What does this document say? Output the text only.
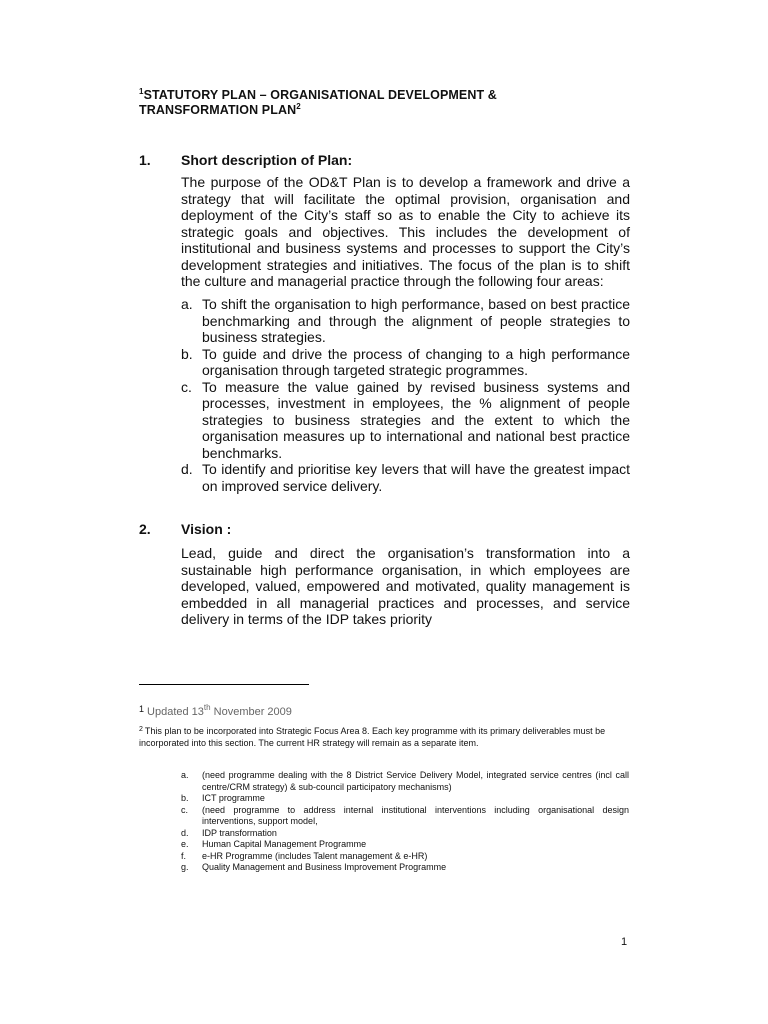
$^1$STATUTORY PLAN – ORGANISATIONAL DEVELOPMENT &
TRANSFORMATION PLAN$^2$
1. Short description of Plan:

The purpose of the OD&T Plan is to develop a framework and drive a strategy that will facilitate the optimal provision, organisation and deployment of the City’s staff so as to enable the City to achieve its strategic goals and objectives. This includes the development of institutional and business systems and processes to support the City’s development strategies and initiatives. The focus of the plan is to shift the culture and managerial practice through the following four areas:

a. To shift the organisation to high performance, based on best practice benchmarking and through the alignment of people strategies to business strategies.
b. To guide and drive the process of changing to a high performance organisation through targeted strategic programmes.
c. To measure the value gained by revised business systems and processes, investment in employees, the % alignment of people strategies to business strategies and the extent to which the organisation measures up to international and national best practice benchmarks.
d. To identify and prioritise key levers that will have the greatest impact on improved service delivery.
2. Vision :

Lead, guide and direct the organisation’s transformation into a sustainable high performance organisation, in which employees are developed, valued, empowered and motivated, quality management is embedded in all managerial practices and processes, and service delivery in terms of the IDP takes priority

$^1$ Updated 13th November 2009
$^2$ This plan to be incorporated into Strategic Focus Area 8. Each key programme with its primary deliverables must be incorporated into this section. The current HR strategy will remain as a separate item.
a. (need programme dealing with the 8 District Service Delivery Model, integrated service centres (incl call centre/CRM strategy) & sub-council participatory mechanisms)
b. ICT programme
c. (need programme to address internal institutional interventions including organisational design interventions, support model,
d. IDP transformation
e. Human Capital Management Programme
f. e-HR Programme (includes Talent management & e-HR)
g. Quality Management and Business Improvement Programme
1
